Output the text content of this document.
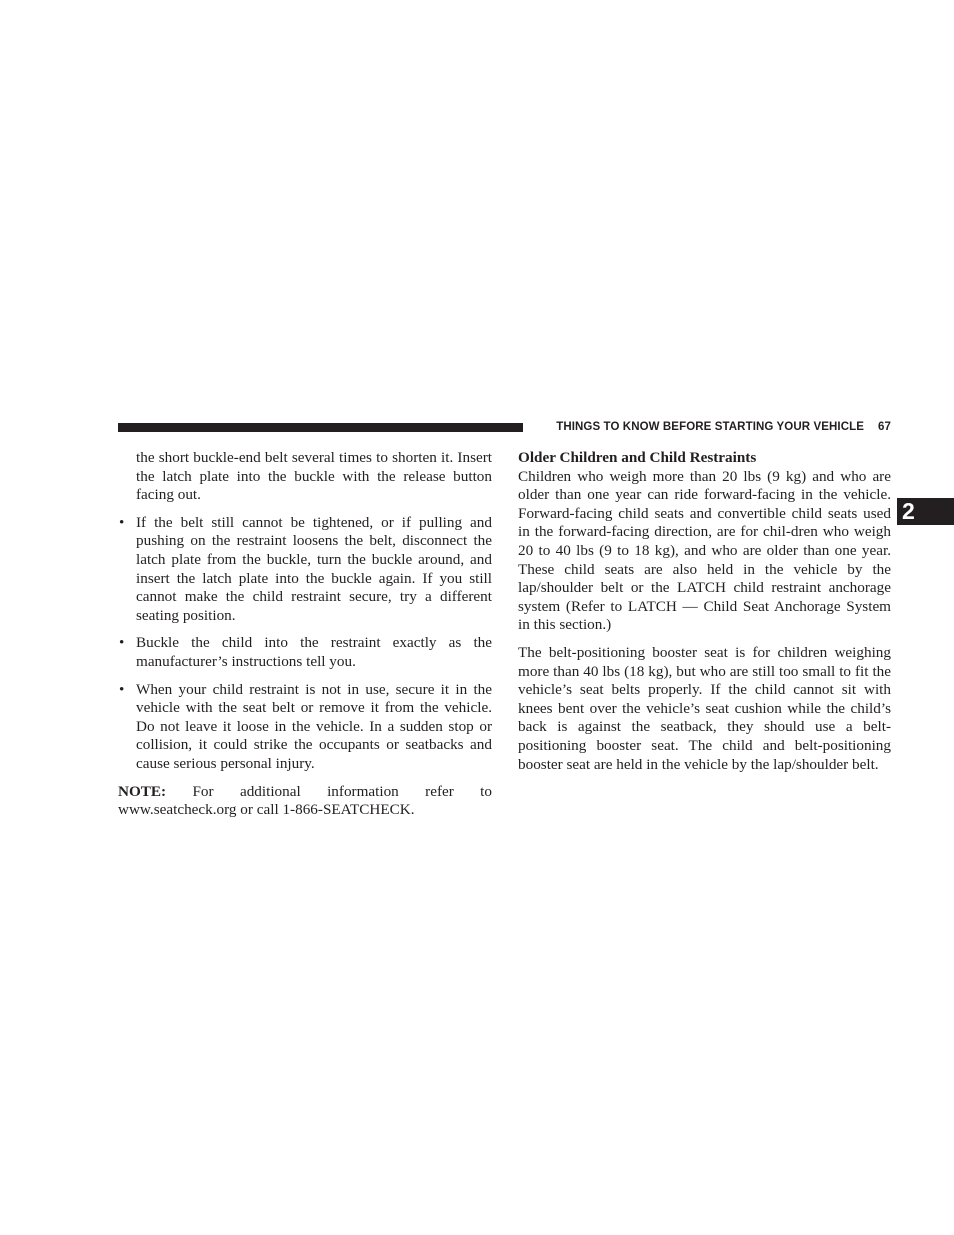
THINGS TO KNOW BEFORE STARTING YOUR VEHICLE 67
2
the short buckle-end belt several times to shorten it. Insert the latch plate into the buckle with the release button facing out.
• If the belt still cannot be tightened, or if pulling and pushing on the restraint loosens the belt, disconnect the latch plate from the buckle, turn the buckle around, and insert the latch plate into the buckle again. If you still cannot make the child restraint secure, try a different seating position.
• Buckle the child into the restraint exactly as the manufacturer’s instructions tell you.
• When your child restraint is not in use, secure it in the vehicle with the seat belt or remove it from the vehicle. Do not leave it loose in the vehicle. In a sudden stop or collision, it could strike the occupants or seatbacks and cause serious personal injury.
NOTE: For additional information refer to
www.seatcheck.org or call 1-866-SEATCHECK.
Older Children and Child Restraints
Children who weigh more than 20 lbs (9 kg) and who are older than one year can ride forward-facing in the vehicle. Forward-facing child seats and convertible child seats used in the forward-facing direction, are for chil-dren who weigh 20 to 40 lbs (9 to 18 kg), and who are older than one year. These child seats are also held in the vehicle by the lap/shoulder belt or the LATCH child restraint anchorage system (Refer to LATCH — Child Seat Anchorage System in this section.)
The belt-positioning booster seat is for children weighing more than 40 lbs (18 kg), but who are still too small to fit the vehicle’s seat belts properly. If the child cannot sit with knees bent over the vehicle’s seat cushion while the child’s back is against the seatback, they should use a belt-positioning booster seat. The child and belt-positioning booster seat are held in the vehicle by the lap/shoulder belt.
